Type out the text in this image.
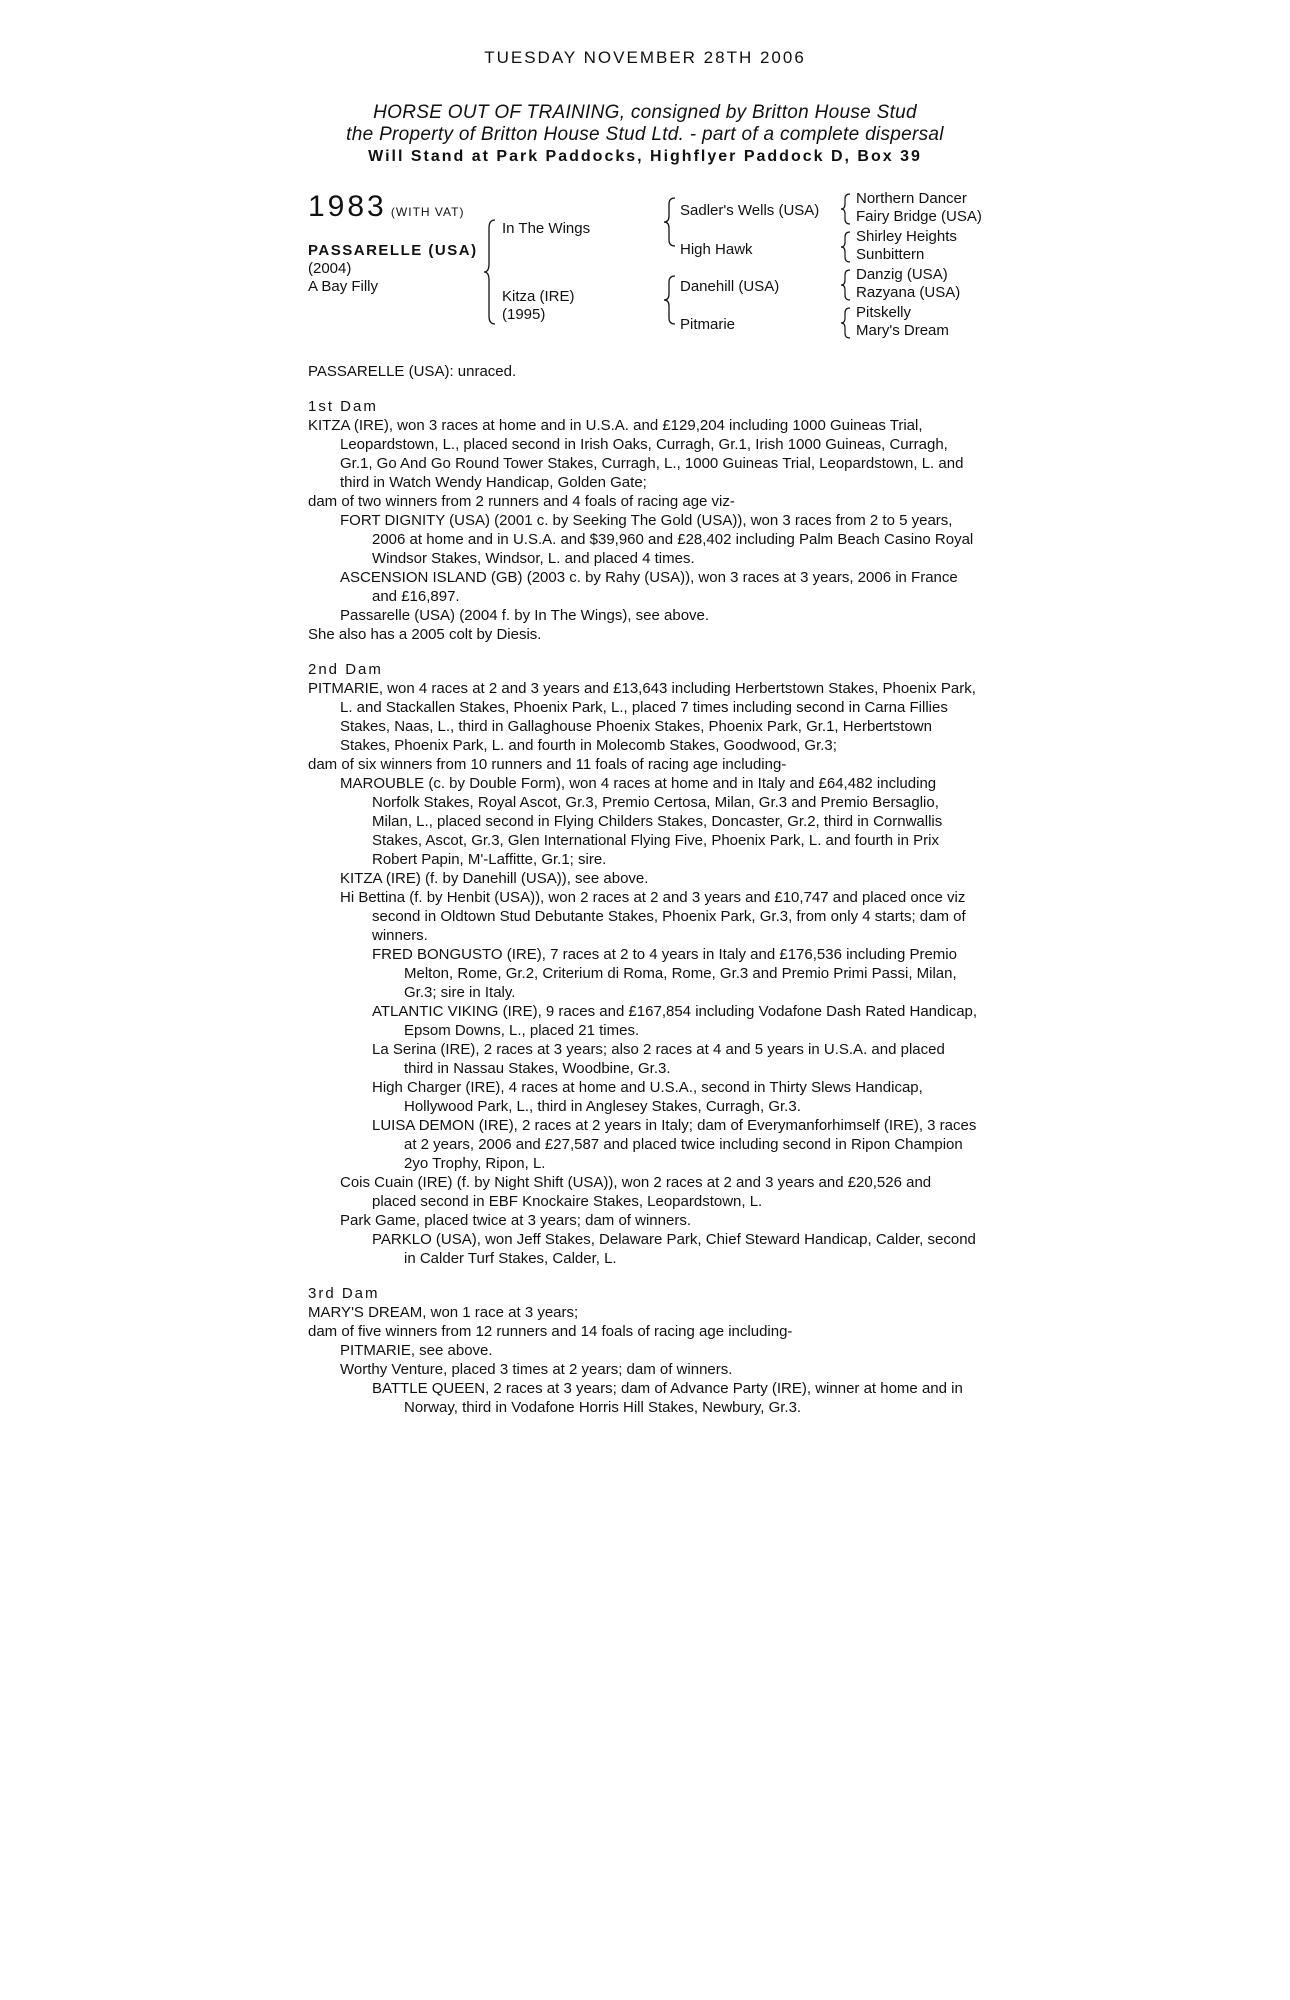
TUESDAY NOVEMBER 28TH 2006
HORSE OUT OF TRAINING, consigned by Britton House Stud
the Property of Britton House Stud Ltd. - part of a complete dispersal
Will Stand at Park Paddocks, Highflyer Paddock D, Box 39
1983 (WITH VAT)
PASSARELLE (USA)
(2004)
A Bay Filly
In The Wings
Kitza (IRE)
(1995)
Sadler's Wells (USA)
High Hawk
Danehill (USA)
Pitmarie
Northern Dancer
Fairy Bridge (USA)
Shirley Heights
Sunbittern
Danzig (USA)
Razyana (USA)
Pitskelly
Mary's Dream

PASSARELLE (USA): unraced.

1st Dam

KITZA (IRE), won 3 races at home and in U.S.A. and £129,204 including 1000 Guineas Trial, Leopardstown, L., placed second in Irish Oaks, Curragh, Gr.1, Irish 1000 Guineas, Curragh, Gr.1, Go And Go Round Tower Stakes, Curragh, L., 1000 Guineas Trial, Leopardstown, L. and third in Watch Wendy Handicap, Golden Gate;

dam of two winners from 2 runners and 4 foals of racing age viz-

FORT DIGNITY (USA) (2001 c. by Seeking The Gold (USA)), won 3 races from 2 to 5 years, 2006 at home and in U.S.A. and $39,960 and £28,402 including Palm Beach Casino Royal Windsor Stakes, Windsor, L. and placed 4 times.

ASCENSION ISLAND (GB) (2003 c. by Rahy (USA)), won 3 races at 3 years, 2006 in France and £16,897.

Passarelle (USA) (2004 f. by In The Wings), see above.

She also has a 2005 colt by Diesis.

2nd Dam

PITMARIE, won 4 races at 2 and 3 years and £13,643 including Herbertstown Stakes, Phoenix Park, L. and Stackallen Stakes, Phoenix Park, L., placed 7 times including second in Carna Fillies Stakes, Naas, L., third in Gallaghouse Phoenix Stakes, Phoenix Park, Gr.1, Herbertstown Stakes, Phoenix Park, L. and fourth in Molecomb Stakes, Goodwood, Gr.3;

dam of six winners from 10 runners and 11 foals of racing age including-

MAROUBLE (c. by Double Form), won 4 races at home and in Italy and £64,482 including Norfolk Stakes, Royal Ascot, Gr.3, Premio Certosa, Milan, Gr.3 and Premio Bersaglio, Milan, L., placed second in Flying Childers Stakes, Doncaster, Gr.2, third in Cornwallis Stakes, Ascot, Gr.3, Glen International Flying Five, Phoenix Park, L. and fourth in Prix Robert Papin, M'-Laffitte, Gr.1; sire.

KITZA (IRE) (f. by Danehill (USA)), see above.

Hi Bettina (f. by Henbit (USA)), won 2 races at 2 and 3 years and £10,747 and placed once viz second in Oldtown Stud Debutante Stakes, Phoenix Park, Gr.3, from only 4 starts; dam of winners.

FRED BONGUSTO (IRE), 7 races at 2 to 4 years in Italy and £176,536 including Premio Melton, Rome, Gr.2, Criterium di Roma, Rome, Gr.3 and Premio Primi Passi, Milan, Gr.3; sire in Italy.

ATLANTIC VIKING (IRE), 9 races and £167,854 including Vodafone Dash Rated Handicap, Epsom Downs, L., placed 21 times.

La Serina (IRE), 2 races at 3 years; also 2 races at 4 and 5 years in U.S.A. and placed third in Nassau Stakes, Woodbine, Gr.3.

High Charger (IRE), 4 races at home and U.S.A., second in Thirty Slews Handicap, Hollywood Park, L., third in Anglesey Stakes, Curragh, Gr.3.

LUISA DEMON (IRE), 2 races at 2 years in Italy; dam of Everymanforhimself (IRE), 3 races at 2 years, 2006 and £27,587 and placed twice including second in Ripon Champion 2yo Trophy, Ripon, L.

Cois Cuain (IRE) (f. by Night Shift (USA)), won 2 races at 2 and 3 years and £20,526 and placed second in EBF Knockaire Stakes, Leopardstown, L.

Park Game, placed twice at 3 years; dam of winners.

PARKLO (USA), won Jeff Stakes, Delaware Park, Chief Steward Handicap, Calder, second in Calder Turf Stakes, Calder, L.

3rd Dam

MARY'S DREAM, won 1 race at 3 years;

dam of five winners from 12 runners and 14 foals of racing age including-

PITMARIE, see above.

Worthy Venture, placed 3 times at 2 years; dam of winners.

BATTLE QUEEN, 2 races at 3 years; dam of Advance Party (IRE), winner at home and in Norway, third in Vodafone Horris Hill Stakes, Newbury, Gr.3.
